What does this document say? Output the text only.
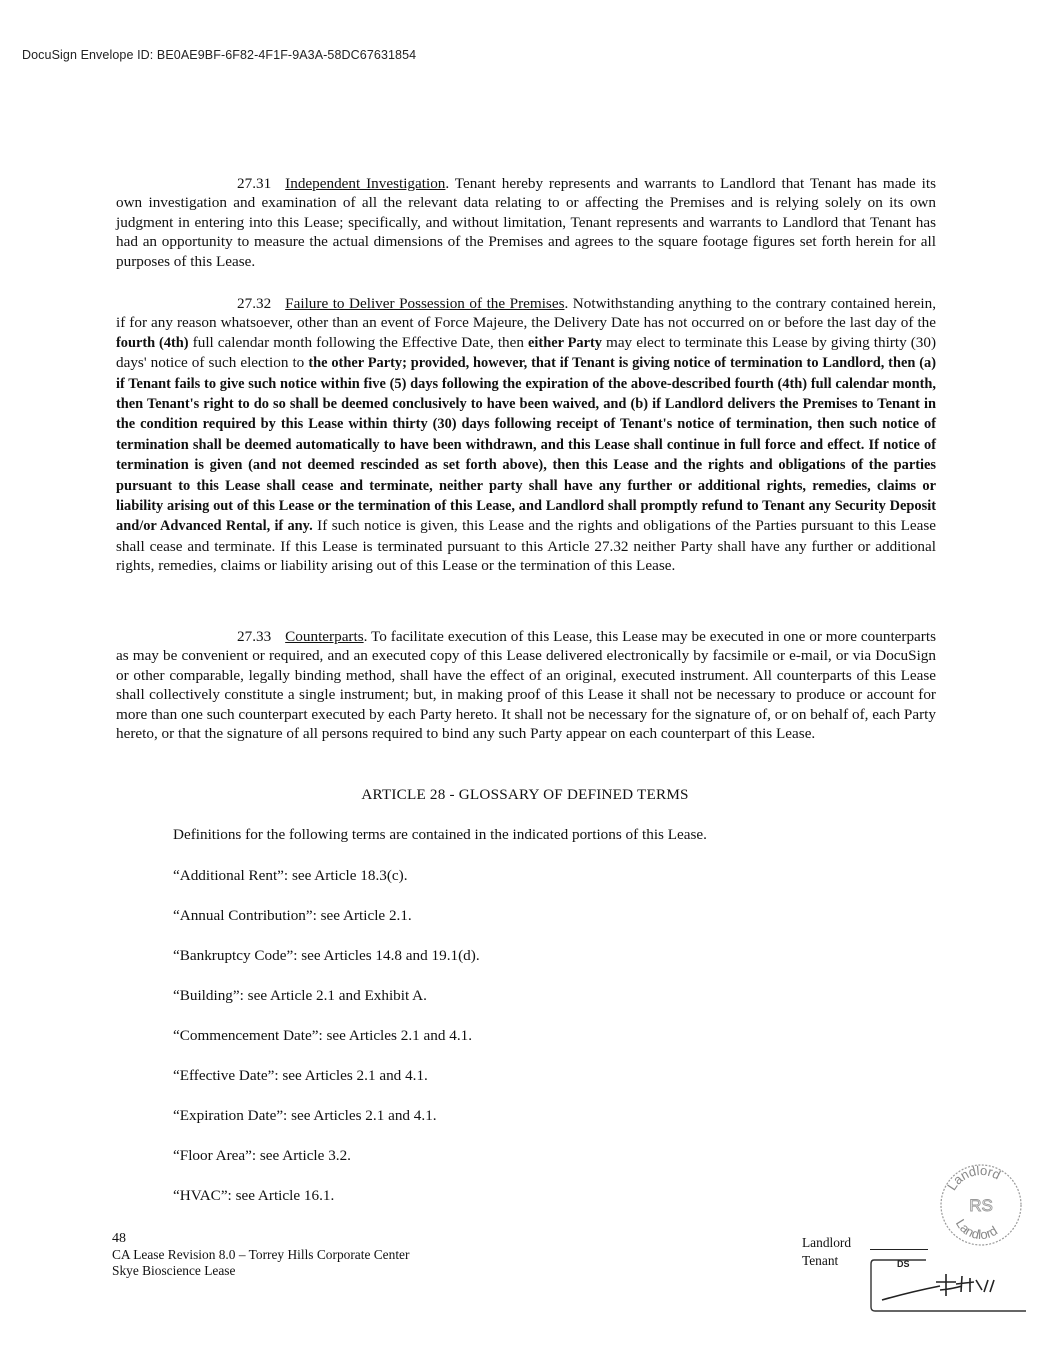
DocuSign Envelope ID: BE0AE9BF-6F82-4F1F-9A3A-58DC67631854
27.31 Independent Investigation. Tenant hereby represents and warrants to Landlord that Tenant has made its own investigation and examination of all the relevant data relating to or affecting the Premises and is relying solely on its own judgment in entering into this Lease; specifically, and without limitation, Tenant represents and warrants to Landlord that Tenant has had an opportunity to measure the actual dimensions of the Premises and agrees to the square footage figures set forth herein for all purposes of this Lease.
27.32 Failure to Deliver Possession of the Premises. Notwithstanding anything to the contrary contained herein, if for any reason whatsoever, other than an event of Force Majeure, the Delivery Date has not occurred on or before the last day of the fourth (4th) full calendar month following the Effective Date, then either Party may elect to terminate this Lease by giving thirty (30) days' notice of such election to the other Party; provided, however, that if Tenant is giving notice of termination to Landlord, then (a) if Tenant fails to give such notice within five (5) days following the expiration of the above-described fourth (4th) full calendar month, then Tenant's right to do so shall be deemed conclusively to have been waived, and (b) if Landlord delivers the Premises to Tenant in the condition required by this Lease within thirty (30) days following receipt of Tenant's notice of termination, then such notice of termination shall be deemed automatically to have been withdrawn, and this Lease shall continue in full force and effect. If notice of termination is given (and not deemed rescinded as set forth above), then this Lease and the rights and obligations of the parties pursuant to this Lease shall cease and terminate, neither party shall have any further or additional rights, remedies, claims or liability arising out of this Lease or the termination of this Lease, and Landlord shall promptly refund to Tenant any Security Deposit and/or Advanced Rental, if any. If such notice is given, this Lease and the rights and obligations of the Parties pursuant to this Lease shall cease and terminate. If this Lease is terminated pursuant to this Article 27.32 neither Party shall have any further or additional rights, remedies, claims or liability arising out of this Lease or the termination of this Lease.
27.33 Counterparts. To facilitate execution of this Lease, this Lease may be executed in one or more counterparts as may be convenient or required, and an executed copy of this Lease delivered electronically by facsimile or e-mail, or via DocuSign or other comparable, legally binding method, shall have the effect of an original, executed instrument. All counterparts of this Lease shall collectively constitute a single instrument; but, in making proof of this Lease it shall not be necessary to produce or account for more than one such counterpart executed by each Party hereto. It shall not be necessary for the signature of, or on behalf of, each Party hereto, or that the signature of all persons required to bind any such Party appear on each counterpart of this Lease.
ARTICLE 28 - GLOSSARY OF DEFINED TERMS
Definitions for the following terms are contained in the indicated portions of this Lease.
“Additional Rent”: see Article 18.3(c).
“Annual Contribution”: see Article 2.1.
“Bankruptcy Code”: see Articles 14.8 and 19.1(d).
“Building”: see Article 2.1 and Exhibit A.
“Commencement Date”: see Articles 2.1 and 4.1.
“Effective Date”: see Articles 2.1 and 4.1.
“Expiration Date”: see Articles 2.1 and 4.1.
“Floor Area”: see Article 3.2.
“HVAC”: see Article 16.1.
48
CA Lease Revision 8.0 – Torrey Hills Corporate Center
Skye Bioscience Lease
Landlord
Tenant
Landlord
RS
Landlord
DS
